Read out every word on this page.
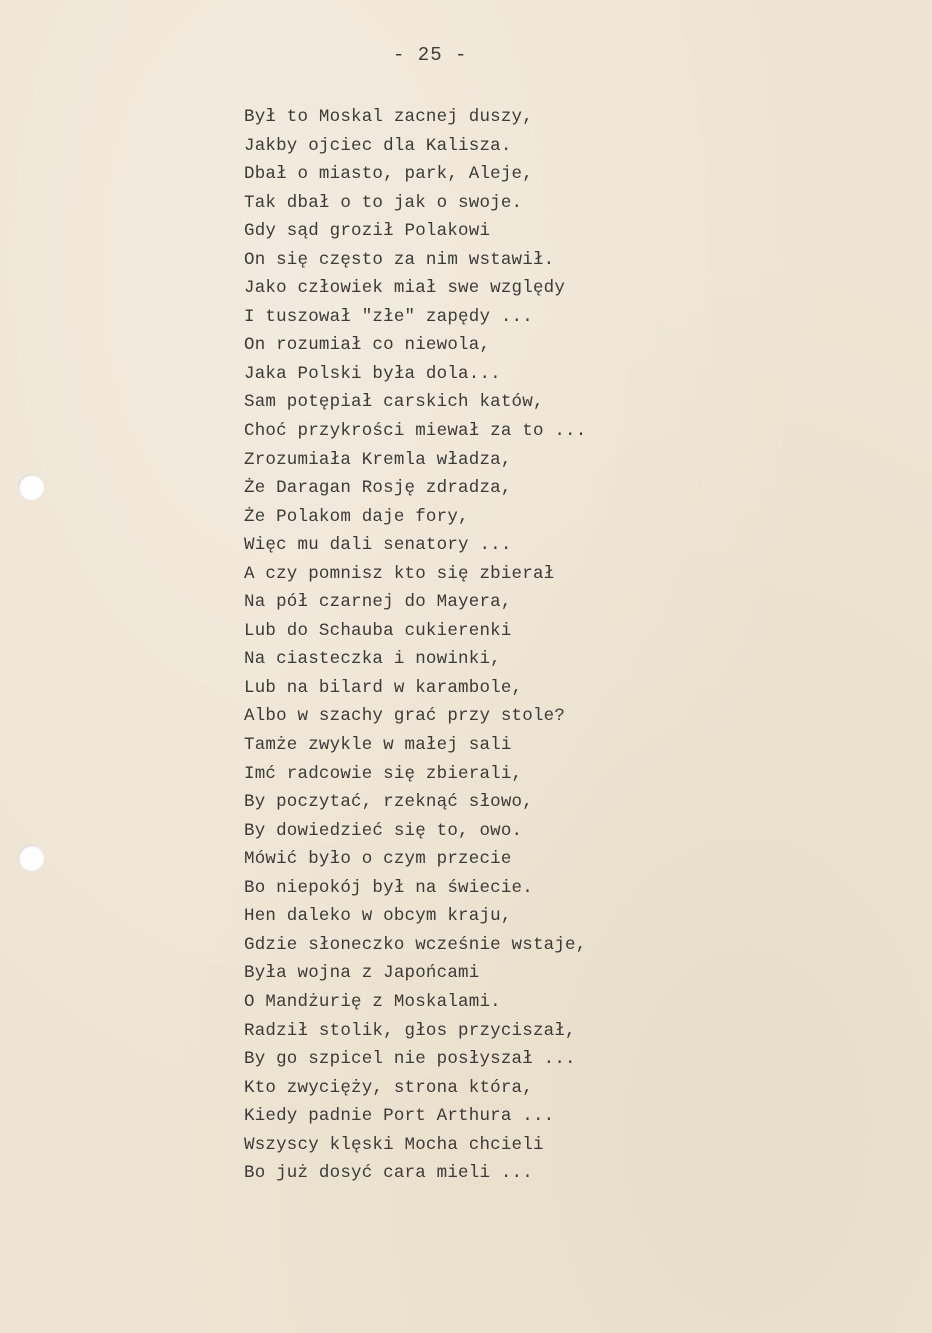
- 25 -
Był to Moskal zacnej duszy,
Jakby ojciec dla Kalisza.
Dbał o miasto, park, Aleje,
Tak dbał o to jak o swoje.
Gdy sąd groził Polakowi
On się często za nim wstawił.
Jako człowiek miał swe względy
I tuszował "złe" zapędy ...
On rozumiał co niewola,
Jaka Polski była dola...
Sam potępiał carskich katów,
Choć przykrości miewał za to ...
Zrozumiała Kremla władza,
Że Daragan Rosję zdradza,
Że Polakom daje fory,
Więc mu dali senatory ...
A czy pomnisz kto się zbierał
Na pół czarnej do Mayera,
Lub do Schauba cukierenki
Na ciasteczka i nowinki,
Lub na bilard w karambole,
Albo w szachy grać przy stole?
Tamże zwykle w małej sali
Imć radcowie się zbierali,
By poczytać, rzeknąć słowo,
By dowiedzieć się to, owo.
Mówić było o czym przecie
Bo niepokój był na świecie.
Hen daleko w obcym kraju,
Gdzie słoneczko wcześnie wstaje,
Była wojna z Japońcami
O Mandżurię z Moskalami.
Radził stolik, głos przyciszał,
By go szpicel nie posłyszał ...
Kto zwycięży, strona która,
Kiedy padnie Port Arthura ...
Wszyscy klęski Mocha chcieli
Bo już dosyć cara mieli ...
